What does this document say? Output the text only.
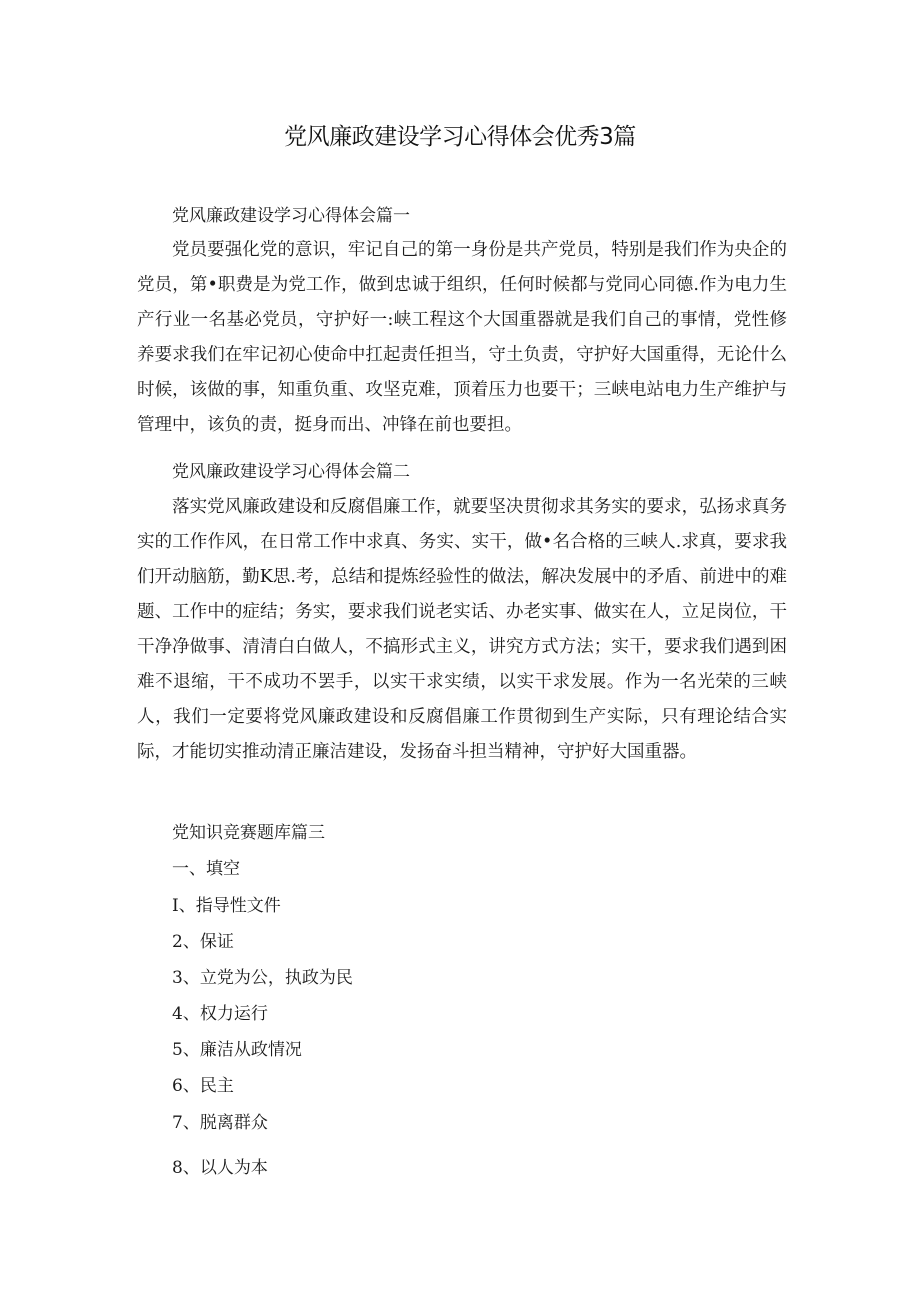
党风廉政建设学习心得体会优秀3篇
党风廉政建设学习心得体会篇一

党员要强化党的意识，牢记自己的第一身份是共产党员，特别是我们作为央企的党员，第•职费是为党工作，做到忠诚于组织，任何时候都与党同心同德.作为电力生产行业一名基必党员，守护好一:峡工程这个大国重器就是我们自己的事情，党性修养要求我们在牢记初心使命中扛起责任担当，守土负责，守护好大国重得，无论什么时候，该做的事，知重负重、攻坚克难，顶着压力也要干；三峡电站电力生产维护与管理中，该负的责，挺身而出、冲锋在前也要担。

党风廉政建设学习心得体会篇二

落实党风廉政建设和反腐倡廉工作，就要坚决贯彻求其务实的要求，弘扬求真务实的工作作风，在日常工作中求真、务实、实干，做•名合格的三峡人.求真，要求我们开动脑筋，勤K思.考，总结和提炼经验性的做法，解决发展中的矛盾、前进中的难题、工作中的症结；务实，要求我们说老实话、办老实事、做实在人，立足岗位，干干净净做事、清清白白做人，不搞形式主义，讲究方式方法；实干，要求我们遇到困难不退缩，干不成功不罢手，以实干求实绩，以实干求发展。作为一名光荣的三峡人，我们一定要将党风廉政建设和反腐倡廉工作贯彻到生产实际，只有理论结合实际，才能切实推动清正廉洁建设，发扬奋斗担当精神，守护好大国重器。

党知识竞赛题库篇三
一、填空
I、指导性文件
2、保证
3、立党为公，执政为民
4、权力运行
5、廉洁从政情况
6、民主
7、脱离群众
8、以人为本
